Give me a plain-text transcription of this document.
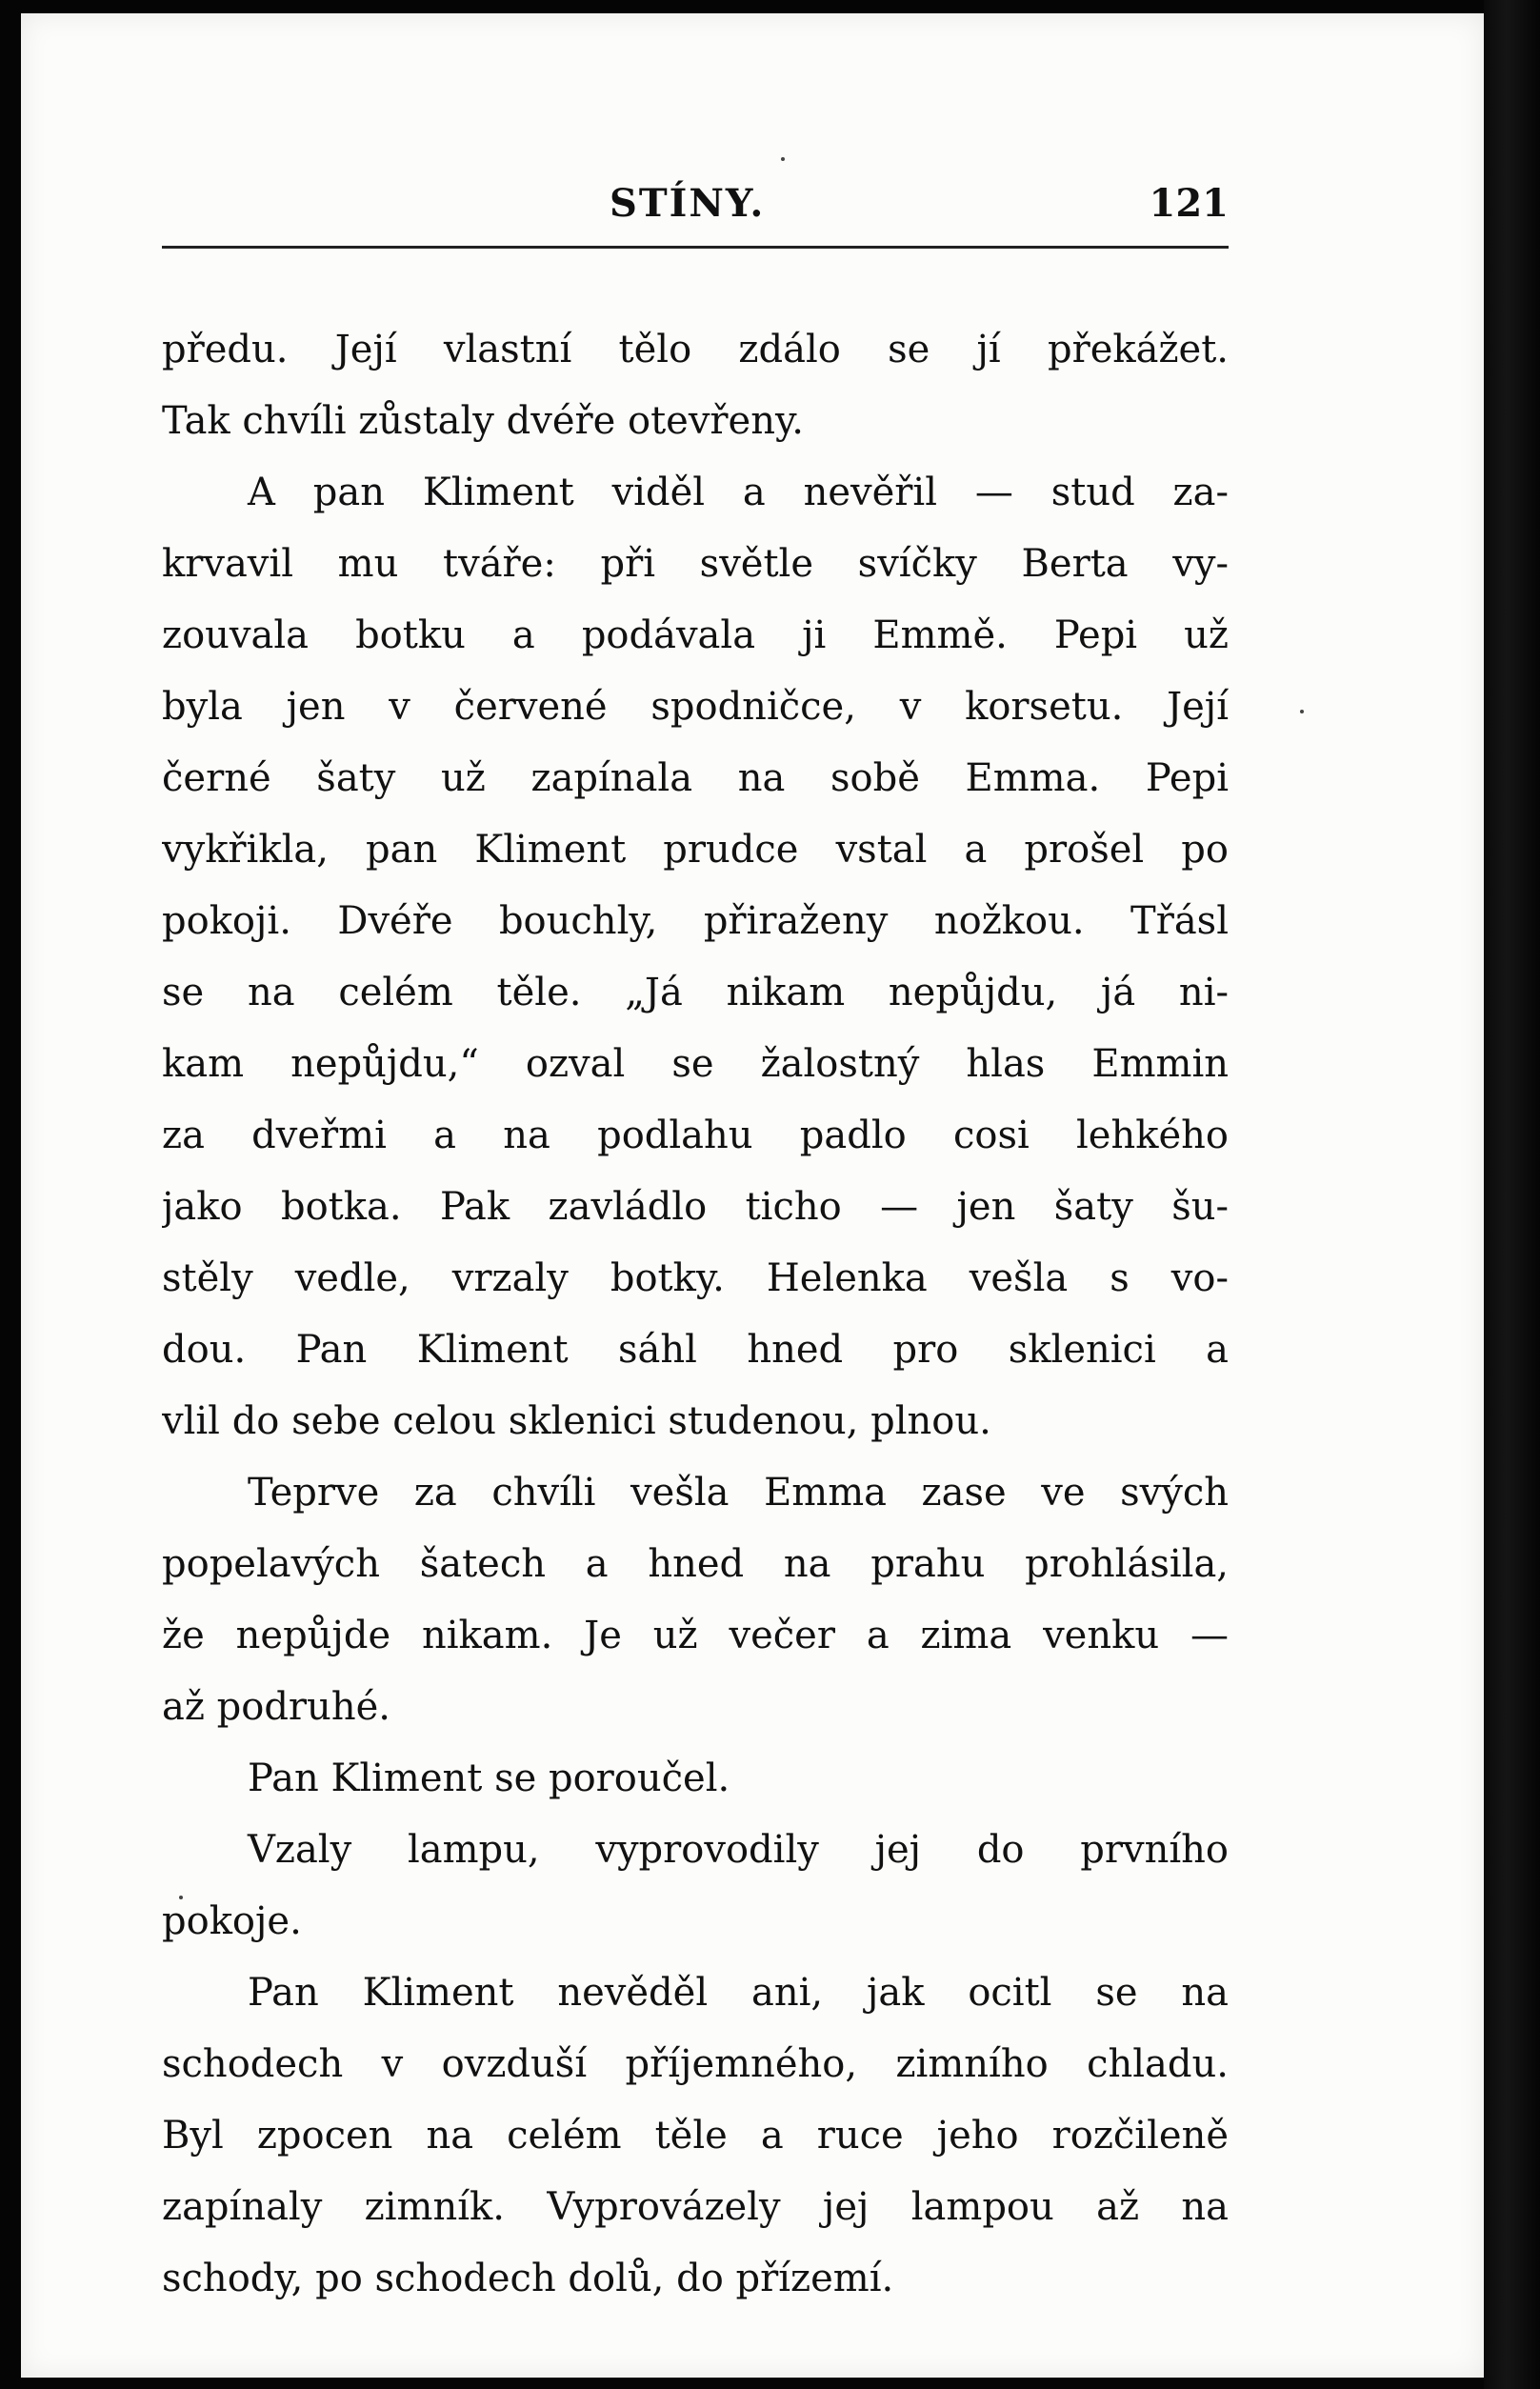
STÍNY.	121
předu. Její vlastní tělo zdálo se jí překážet.
Tak chvíli zůstaly dvéře otevřeny.
A pan Kliment viděl a nevěřil — stud za-
krvavil mu tváře: při světle svíčky Berta vy-
zouvala botku a podávala ji Emmě. Pepi už
byla jen v červené spodničce, v korsetu. Její
černé šaty už zapínala na sobě Emma. Pepi
vykřikla, pan Kliment prudce vstal a prošel po
pokoji. Dvéře bouchly, přiraženy nožkou. Třásl
se na celém těle. „Já nikam nepůjdu, já ni-
kam nepůjdu,“ ozval se žalostný hlas Emmin
za dveřmi a na podlahu padlo cosi lehkého
jako botka. Pak zavládlo ticho — jen šaty šu-
stěly vedle, vrzaly botky. Helenka vešla s vo-
dou. Pan Kliment sáhl hned pro sklenici a
vlil do sebe celou sklenici studenou, plnou.
Teprve za chvíli vešla Emma zase ve svých
popelavých šatech a hned na prahu prohlásila,
že nepůjde nikam. Je už večer a zima venku —
až podruhé.
Pan Kliment se poroučel.
Vzaly lampu, vyprovodily jej do prvního
pokoje.
Pan Kliment nevěděl ani, jak ocitl se na
schodech v ovzduší příjemného, zimního chladu.
Byl zpocen na celém těle a ruce jeho rozčileně
zapínaly zimník. Vyprovázely jej lampou až na
schody, po schodech dolů, do přízemí.
